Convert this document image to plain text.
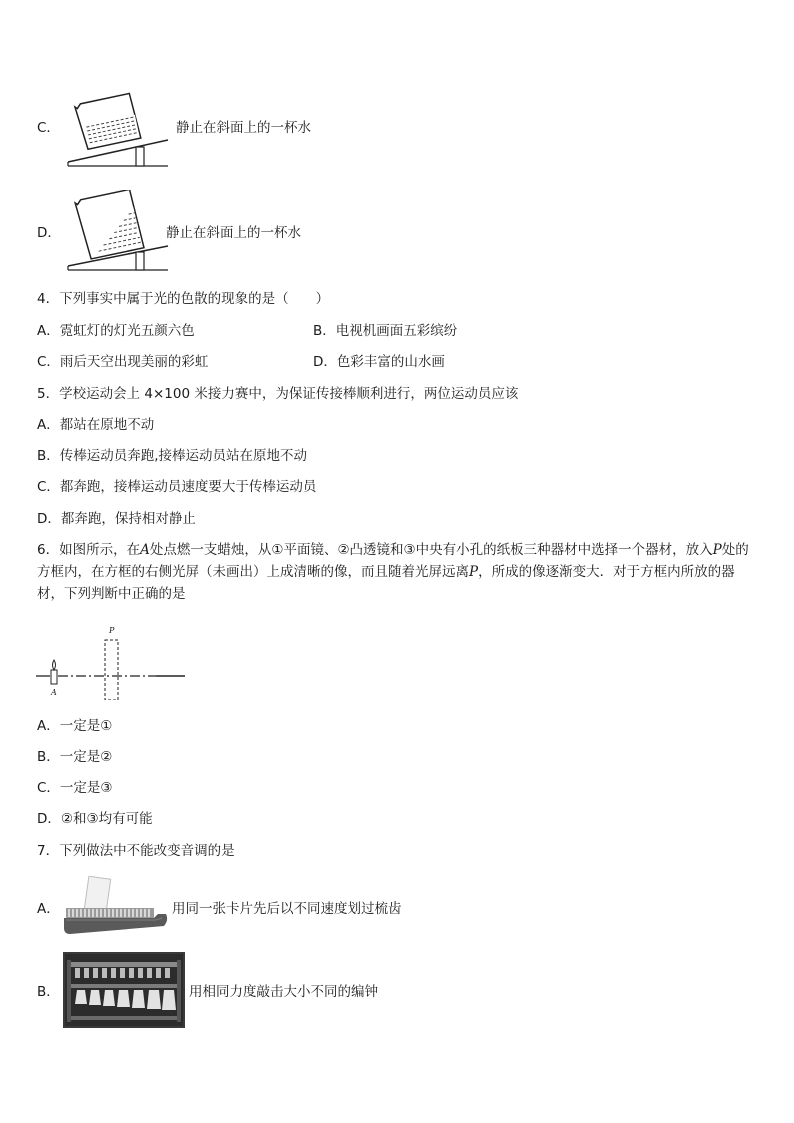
C．	静止在斜面上的一杯水
D．	静止在斜面上的一杯水
4．下列事实中属于光的色散的现象的是（　　）
A．霓虹灯的灯光五颜六色	B．电视机画面五彩缤纷
C．雨后天空出现美丽的彩虹	D．色彩丰富的山水画
5．学校运动会上 4×100 米接力赛中，为保证传接棒顺利进行，两位运动员应该
A．都站在原地不动
B．传棒运动员奔跑,接棒运动员站在原地不动
C．都奔跑，接棒运动员速度要大于传棒运动员
D．都奔跑，保持相对静止
6．如图所示，在A处点燃一支蜡烛，从①平面镜、②凸透镜和③中央有小孔的纸板三种器材中选择一个器材，放入P处的方框内，在方框的右侧光屏（未画出）上成清晰的像，而且随着光屏远离P，所成的像逐渐变大．对于方框内所放的器材，下列判断中正确的是
P
A
A．一定是①
B．一定是②
C．一定是③
D．②和③均有可能
7．下列做法中不能改变音调的是
A．	用同一张卡片先后以不同速度划过梳齿
B．	用相同力度敲击大小不同的编钟
